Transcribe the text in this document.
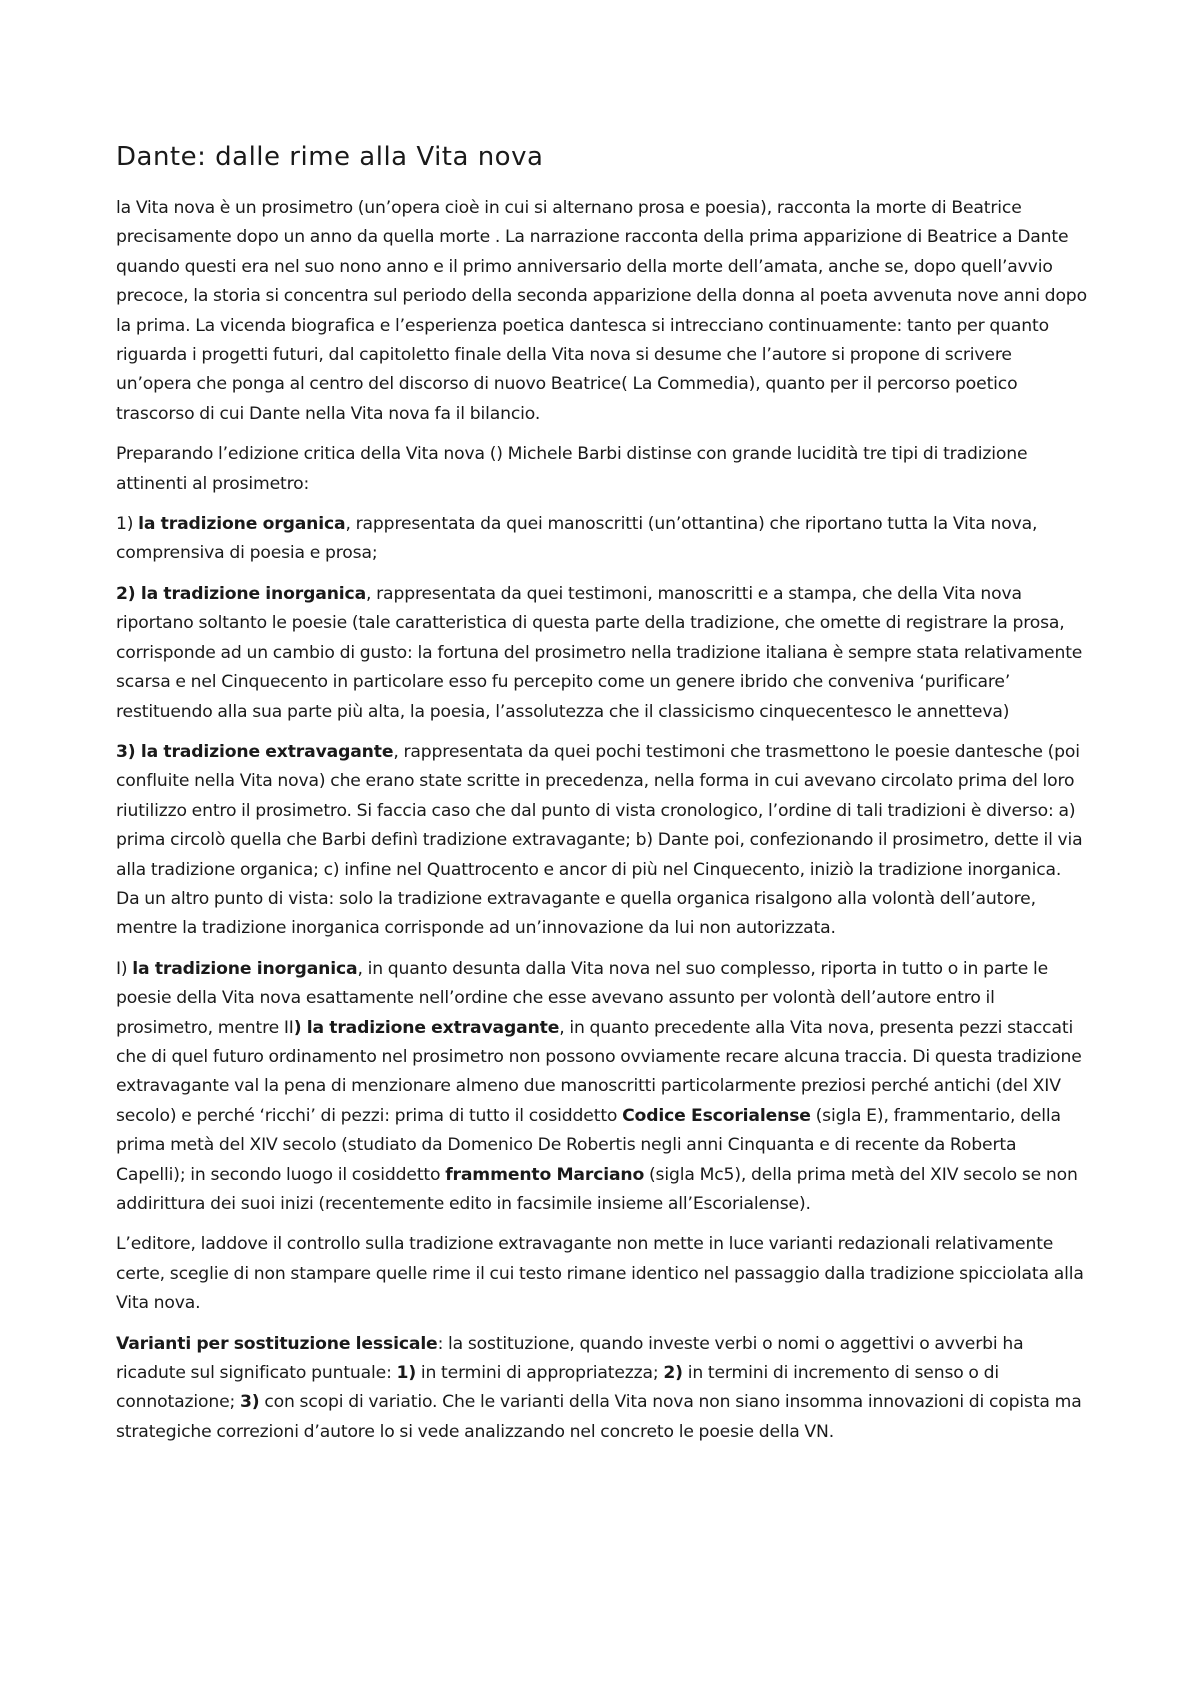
Dante: dalle rime alla Vita nova

la Vita nova è un prosimetro (un’opera cioè in cui si alternano prosa e poesia), racconta la morte di Beatrice precisamente dopo un anno da quella morte . La narrazione racconta della prima apparizione di Beatrice a Dante quando questi era nel suo nono anno e il primo anniversario della morte dell’amata, anche se, dopo quell’avvio precoce, la storia si concentra sul periodo della seconda apparizione della donna al poeta avvenuta nove anni dopo la prima. La vicenda biografica e l’esperienza poetica dantesca si intrecciano continuamente: tanto per quanto riguarda i progetti futuri, dal capitoletto finale della Vita nova si desume che l’autore si propone di scrivere un’opera che ponga al centro del discorso di nuovo Beatrice( La Commedia), quanto per il percorso poetico trascorso di cui Dante nella Vita nova fa il bilancio.

Preparando l’edizione critica della Vita nova () Michele Barbi distinse con grande lucidità tre tipi di tradizione attinenti al prosimetro:

1) la tradizione organica, rappresentata da quei manoscritti (un’ottantina) che riportano tutta la Vita nova, comprensiva di poesia e prosa;

2) la tradizione inorganica, rappresentata da quei testimoni, manoscritti e a stampa, che della Vita nova riportano soltanto le poesie (tale caratteristica di questa parte della tradizione, che omette di registrare la prosa, corrisponde ad un cambio di gusto: la fortuna del prosimetro nella tradizione italiana è sempre stata relativamente scarsa e nel Cinquecento in particolare esso fu percepito come un genere ibrido che conveniva ‘purificare’ restituendo alla sua parte più alta, la poesia, l’assolutezza che il classicismo cinquecentesco le annetteva)

3) la tradizione extravagante, rappresentata da quei pochi testimoni che trasmettono le poesie dantesche (poi confluite nella Vita nova) che erano state scritte in precedenza, nella forma in cui avevano circolato prima del loro riutilizzo entro il prosimetro. Si faccia caso che dal punto di vista cronologico, l’ordine di tali tradizioni è diverso: a) prima circolò quella che Barbi definì tradizione extravagante; b) Dante poi, confezionando il prosimetro, dette il via alla tradizione organica; c) infine nel Quattrocento e ancor di più nel Cinquecento, iniziò la tradizione inorganica. Da un altro punto di vista: solo la tradizione extravagante e quella organica risalgono alla volontà dell’autore, mentre la tradizione inorganica corrisponde ad un’innovazione da lui non autorizzata.

I) la tradizione inorganica, in quanto desunta dalla Vita nova nel suo complesso, riporta in tutto o in parte le poesie della Vita nova esattamente nell’ordine che esse avevano assunto per volontà dell’autore entro il prosimetro, mentre II) la tradizione extravagante, in quanto precedente alla Vita nova, presenta pezzi staccati che di quel futuro ordinamento nel prosimetro non possono ovviamente recare alcuna traccia. Di questa tradizione extravagante val la pena di menzionare almeno due manoscritti particolarmente preziosi perché antichi (del XIV secolo) e perché ‘ricchi’ di pezzi: prima di tutto il cosiddetto Codice Escorialense (sigla E), frammentario, della prima metà del XIV secolo (studiato da Domenico De Robertis negli anni Cinquanta e di recente da Roberta Capelli); in secondo luogo il cosiddetto frammento Marciano (sigla Mc5), della prima metà del XIV secolo se non addirittura dei suoi inizi (recentemente edito in facsimile insieme all’Escorialense).

L’editore, laddove il controllo sulla tradizione extravagante non mette in luce varianti redazionali relativamente certe, sceglie di non stampare quelle rime il cui testo rimane identico nel passaggio dalla tradizione spicciolata alla Vita nova.

Varianti per sostituzione lessicale: la sostituzione, quando investe verbi o nomi o aggettivi o avverbi ha ricadute sul significato puntuale: 1) in termini di appropriatezza; 2) in termini di incremento di senso o di connotazione; 3) con scopi di variatio. Che le varianti della Vita nova non siano insomma innovazioni di copista ma strategiche correzioni d’autore lo si vede analizzando nel concreto le poesie della VN.
